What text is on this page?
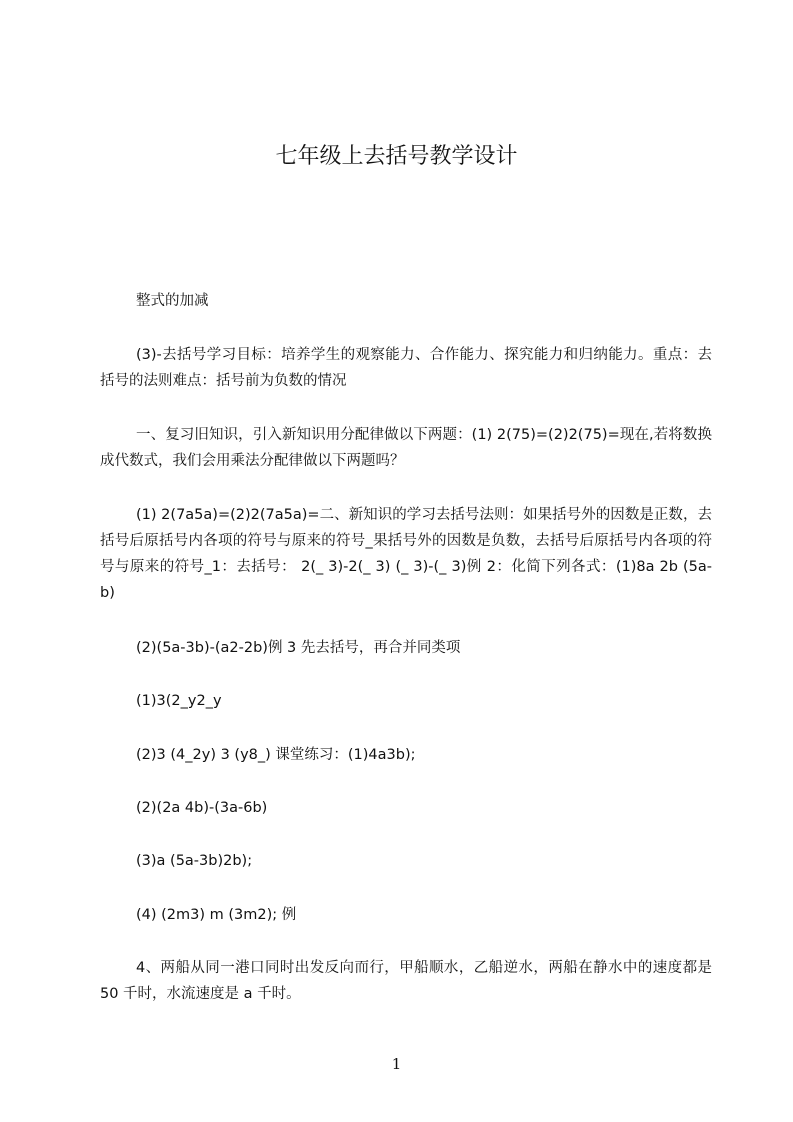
七年级上去括号教学设计

整式的加减

(3)-去括号学习目标：培养学生的观察能力、合作能力、探究能力和归纳能力。重点：去括号的法则难点：括号前为负数的情况

一、复习旧知识，引入新知识用分配律做以下两题：(1) 2(75)=(2)2(75)=现在,若将数换成代数式，我们会用乘法分配律做以下两题吗？

(1) 2(7a5a)=(2)2(7a5a)=二、新知识的学习去括号法则：如果括号外的因数是正数，去括号后原括号内各项的符号与原来的符号_果括号外的因数是负数，去括号后原括号内各项的符号与原来的符号_1：去括号： 2(_ 3)-2(_ 3) (_ 3)-(_ 3)例 2：化简下列各式：(1)8a 2b (5a-b)

(2)(5a-3b)-(a2-2b)例 3 先去括号，再合并同类项

(1)3(2_y2_y

(2)3 (4_2y) 3 (y8_) 课堂练习：(1)4a3b);

(2)(2a 4b)-(3a-6b)

(3)a (5a-3b)2b);

(4) (2m3) m (3m2); 例

4、两船从同一港口同时出发反向而行，甲船顺水，乙船逆水，两船在静水中的速度都是 50 千时，水流速度是 a 千时。

1
